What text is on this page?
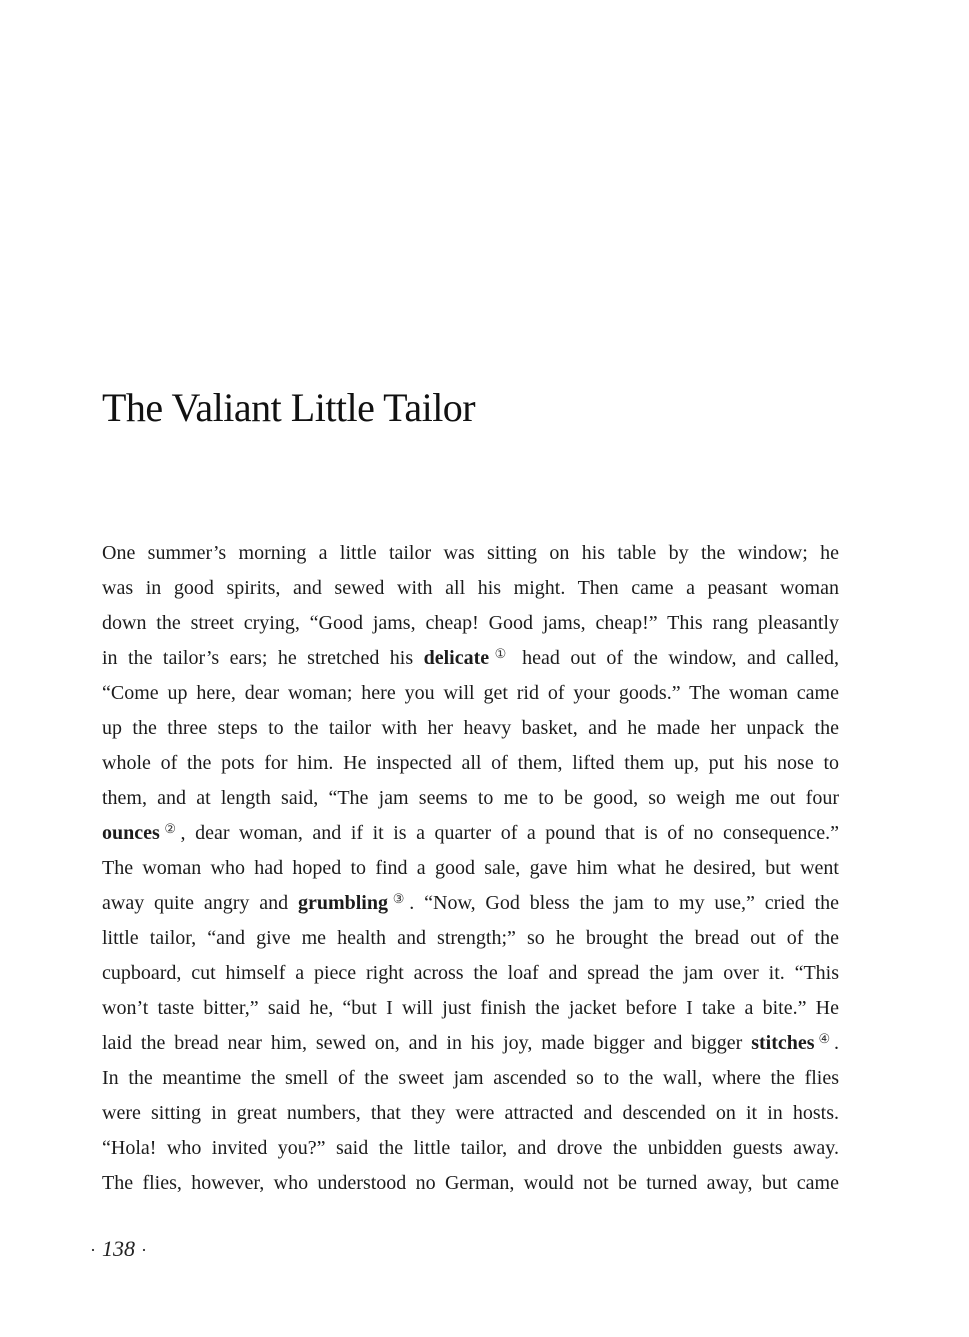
The Valiant Little Tailor
One summer’s morning a little tailor was sitting on his table by the window; he
was in good spirits, and sewed with all his might. Then came a peasant woman
down the street crying, “Good jams, cheap! Good jams, cheap!” This rang pleasantly
in the tailor’s ears; he stretched his delicate① head out of the window, and called,
“Come up here, dear woman; here you will get rid of your goods.” The woman came
up the three steps to the tailor with her heavy basket, and he made her unpack the
whole of the pots for him. He inspected all of them, lifted them up, put his nose to
them, and at length said, “The jam seems to me to be good, so weigh me out four
ounces②, dear woman, and if it is a quarter of a pound that is of no consequence.”
The woman who had hoped to find a good sale, gave him what he desired, but went
away quite angry and grumbling③. “Now, God bless the jam to my use,” cried the
little tailor, “and give me health and strength;” so he brought the bread out of the
cupboard, cut himself a piece right across the loaf and spread the jam over it. “This
won’t taste bitter,” said he, “but I will just finish the jacket before I take a bite.” He
laid the bread near him, sewed on, and in his joy, made bigger and bigger stitches④.
In the meantime the smell of the sweet jam ascended so to the wall, where the flies
were sitting in great numbers, that they were attracted and descended on it in hosts.
“Hola! who invited you?” said the little tailor, and drove the unbidden guests away.
The flies, however, who understood no German, would not be turned away, but came
· 138 ·
